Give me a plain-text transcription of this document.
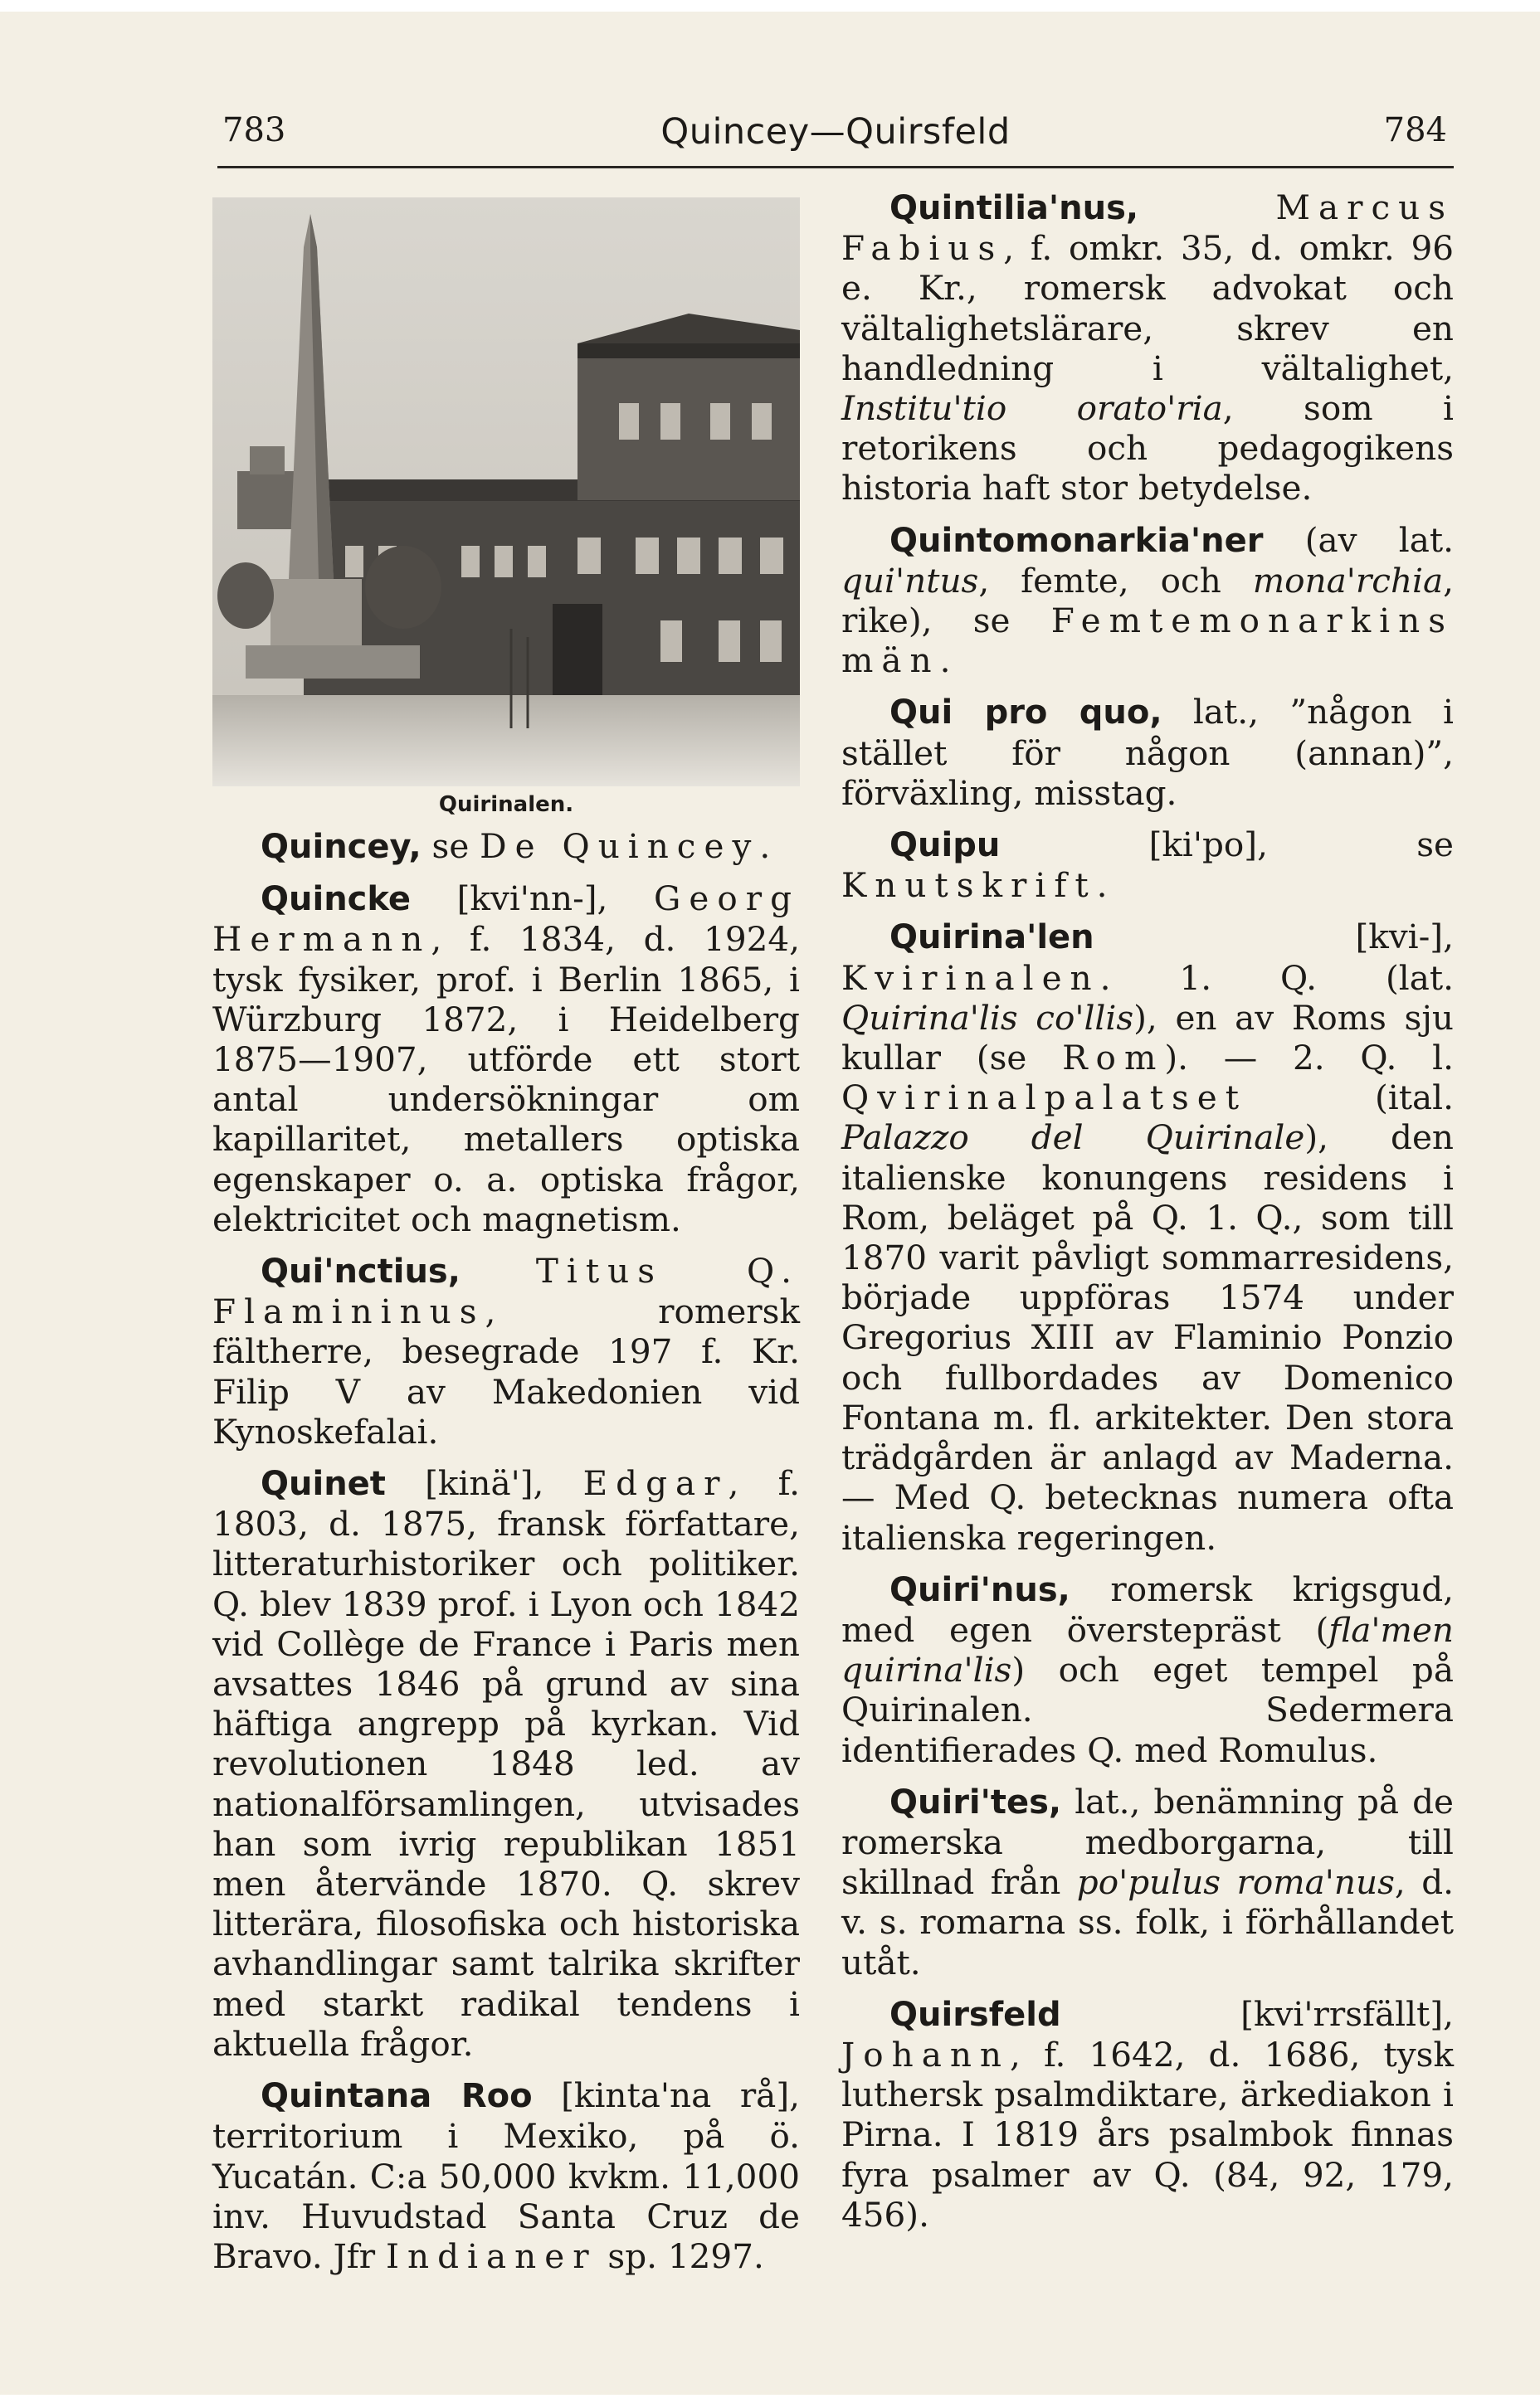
783	Quincey—Quirsfeld	784
Quirinalen.

Quincey, se De Quincey.

Quincke [kvi'nn-], Georg Hermann, f. 1834, d. 1924, tysk fysiker, prof. i Berlin 1865, i Würzburg 1872, i Heidelberg 1875—1907, utförde ett stort antal undersökningar om kapillaritet, metallers optiska egenskaper o. a. optiska frågor, elektricitet och magnetism.

Qui'nctius, Titus Q. Flamininus, romersk fältherre, besegrade 197 f. Kr. Filip V av Makedonien vid Kynoskefalai.

Quinet [kinä'], Edgar, f. 1803, d. 1875, fransk författare, litteraturhistoriker och politiker. Q. blev 1839 prof. i Lyon och 1842 vid Collège de France i Paris men avsattes 1846 på grund av sina häftiga angrepp på kyrkan. Vid revolutionen 1848 led. av nationalförsamlingen, utvisades han som ivrig republikan 1851 men återvände 1870. Q. skrev litterära, filosofiska och historiska avhandlingar samt talrika skrifter med starkt radikal tendens i aktuella frågor.

Quintana Roo [kinta'na rå], territorium i Mexiko, på ö. Yucatán. C:a 50,000 kvkm. 11,000 inv. Huvudstad Santa Cruz de Bravo. Jfr Indianer sp. 1297.

Quintilia'nus,	Marcus Fabius, f. omkr. 35, d. omkr. 96 e. Kr., romersk advokat och vältalighetslärare, skrev en handledning i vältalighet, Institu'tio orato'ria, som i retorikens och pedagogikens historia haft stor betydelse.

Quintomonarkia'ner (av lat. qui'ntus, femte, och mona'rchia, rike), se Femtemonarkins män.

Qui pro quo, lat., ”någon i stället för någon (annan)”, förväxling, misstag.

Quipu [ki'po], se Knutskrift.

Quirina'len [kvi-], Kvirinalen. 1. Q. (lat. Quirina'lis co'llis), en av Roms sju kullar (se Rom). — 2. Q. l. Qvirinalpalatset (ital. Palazzo del Quirinale), den italienske konungens residens i Rom, beläget på Q. 1. Q., som till 1870 varit påvligt sommarresidens, började uppföras 1574 under Gregorius XIII av Flaminio Ponzio och fullbordades av Domenico Fontana m. fl. arkitekter. Den stora trädgården är anlagd av Maderna. — Med Q. betecknas numera ofta italienska regeringen.

Quiri'nus, romersk krigsgud, med egen överstepräst (fla'men quirina'lis) och eget tempel på Quirinalen. Sedermera identifierades Q. med Romulus.

Quiri'tes, lat., benämning på de romerska medborgarna, till skillnad från po'pulus roma'nus, d. v. s. romarna ss. folk, i förhållandet utåt.

Quirsfeld [kvi'rrsfällt], Johann, f. 1642, d. 1686, tysk luthersk psalmdiktare, ärkediakon i Pirna. I 1819 års psalmbok finnas fyra psalmer av Q. (84, 92, 179, 456).
